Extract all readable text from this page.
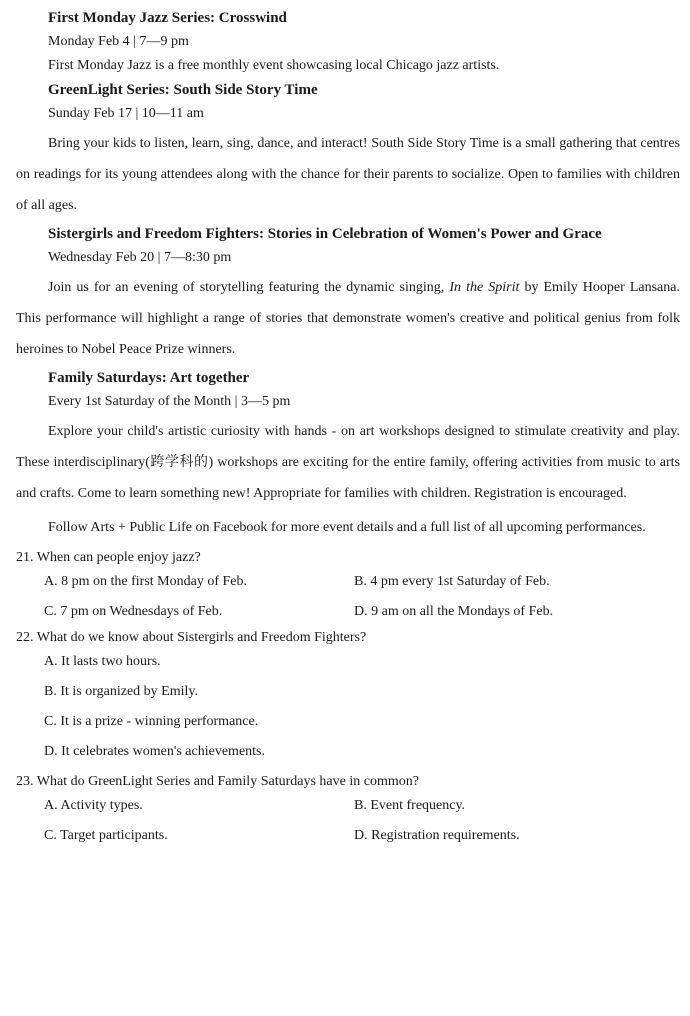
First Monday Jazz Series: Crosswind

Monday Feb 4 | 7—9 pm

First Monday Jazz is a free monthly event showcasing local Chicago jazz artists.

GreenLight Series: South Side Story Time

Sunday Feb 17 | 10—11 am

Bring your kids to listen, learn, sing, dance, and interact! South Side Story Time is a small gathering that centres on readings for its young attendees along with the chance for their parents to socialize. Open to families with children of all ages.

Sistergirls and Freedom Fighters: Stories in Celebration of Women's Power and Grace

Wednesday Feb 20 | 7—8:30 pm

Join us for an evening of storytelling featuring the dynamic singing, In the Spirit by Emily Hooper Lansana. This performance will highlight a range of stories that demonstrate women's creative and political genius from folk heroines to Nobel Peace Prize winners.

Family Saturdays: Art together

Every 1st Saturday of the Month | 3—5 pm

Explore your child's artistic curiosity with hands - on art workshops designed to stimulate creativity and play. These interdisciplinary(跨学科的) workshops are exciting for the entire family, offering activities from music to arts and crafts. Come to learn something new! Appropriate for families with children. Registration is encouraged.

Follow Arts + Public Life on Facebook for more event details and a full list of all upcoming performances.

21. When can people enjoy jazz?

A. 8 pm on the first Monday of Feb.	B. 4 pm every 1st Saturday of Feb.
C. 7 pm on Wednesdays of Feb.	D. 9 am on all the Mondays of Feb.

22. What do we know about Sistergirls and Freedom Fighters?

A. It lasts two hours.

B. It is organized by Emily.

C. It is a prize - winning performance.

D. It celebrates women's achievements.

23. What do GreenLight Series and Family Saturdays have in common?

A. Activity types.	B. Event frequency.
C. Target participants.	D. Registration requirements.
